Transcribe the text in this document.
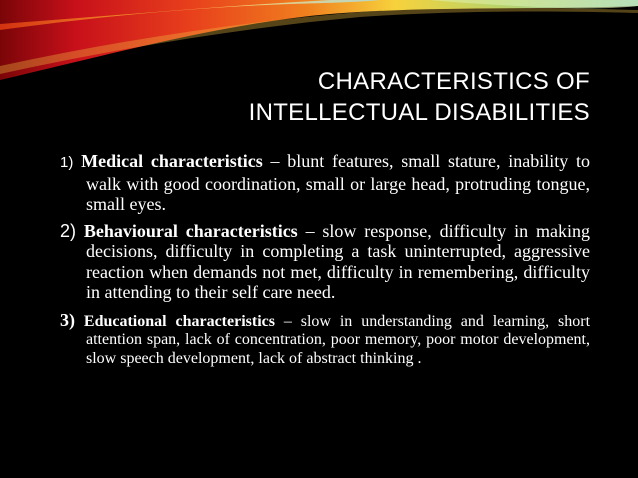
CHARACTERISTICS OF
INTELLECTUAL DISABILITIES
1) Medical characteristics – blunt features, small stature, inability to walk with good coordination, small or large head, protruding tongue, small eyes.
2) Behavioural characteristics – slow response, difficulty in making decisions, difficulty in completing a task uninterrupted, aggressive reaction when demands not met, difficulty in remembering, difficulty in attending to their self care need.
3) Educational characteristics – slow in understanding and learning, short attention span, lack of concentration, poor memory, poor motor development, slow speech development, lack of abstract thinking .
